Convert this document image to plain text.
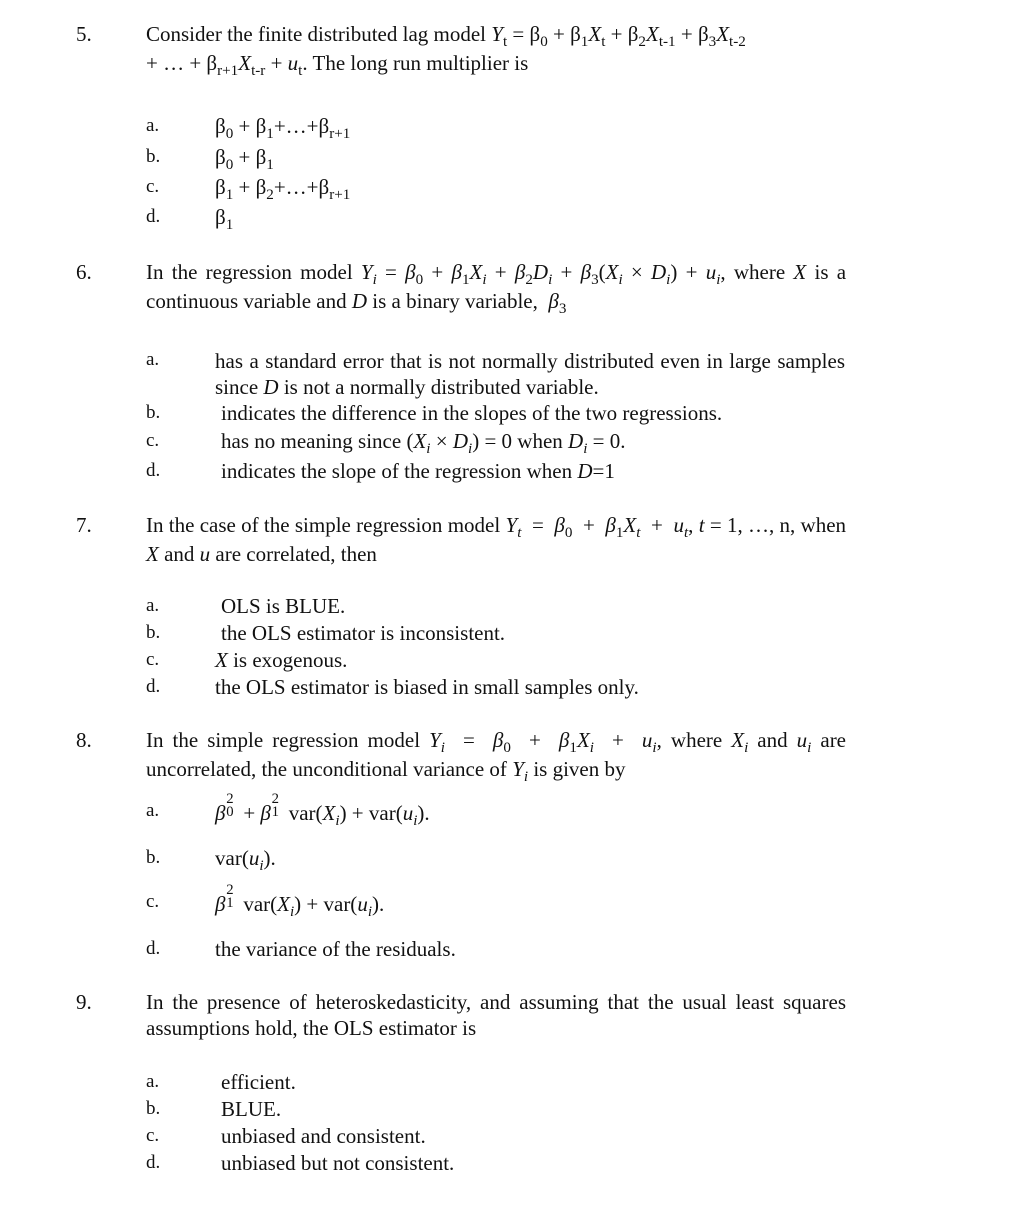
5.	Consider the finite distributed lag model $Y_t = \beta_0 + \beta_1X_t + \beta_2X_{t-1} + \beta_3X_{t-2}$
+ … + $\beta_{r+1}X_{t-r} + u_t$. The long run multiplier is
a.	$\beta_0$ + $\beta_1+\dots+\beta_{r+1}$
b.	$\beta_0 + \beta_1$
c.	$\beta_1$ + $\beta_2+\dots+\beta_{r+1}$
d.	$\beta_1$
6.	In the regression model $Y_i = \beta_0 + \beta_1X_i + \beta_2D_i + \beta_3(X_i \times D_i) + u_i$, where X is a continuous variable and D is a binary variable,  $\beta_3$
a.	has a standard error that is not normally distributed even in large samples since D is not a normally distributed variable.
b.	indicates the difference in the slopes of the two regressions.
c.	has no meaning since $(X_i \times D_i) = 0$ when $D_i = 0$.
d.	indicates the slope of the regression when D=1
7.	In the case of the simple regression model $Y_t = \beta_0 + \beta_1X_t + u_t$, t = 1, …, n, when X and u are correlated, then
a.	OLS is BLUE.
b.	the OLS estimator is inconsistent.
c.	X is exogenous.
d.	the OLS estimator is biased in small samples only.
8.	In the simple regression model $Y_i = \beta_0 + \beta_1X_i + u_i$, where $X_i$ and $u_i$ are uncorrelated, the unconditional variance of $Y_i$ is given by
a.	β
2
0 + β
2
1 $var(X_i) + var(u_i)$.
b.	$var(u_i)$.
c.	β
2
1 $var(X_i) + var(u_i)$.
d.	the variance of the residuals.
9.	In the presence of heteroskedasticity, and assuming that the usual least squares assumptions hold, the OLS estimator is
a.	efficient.
b.	BLUE.
c.	unbiased and consistent.
d.	unbiased but not consistent.
